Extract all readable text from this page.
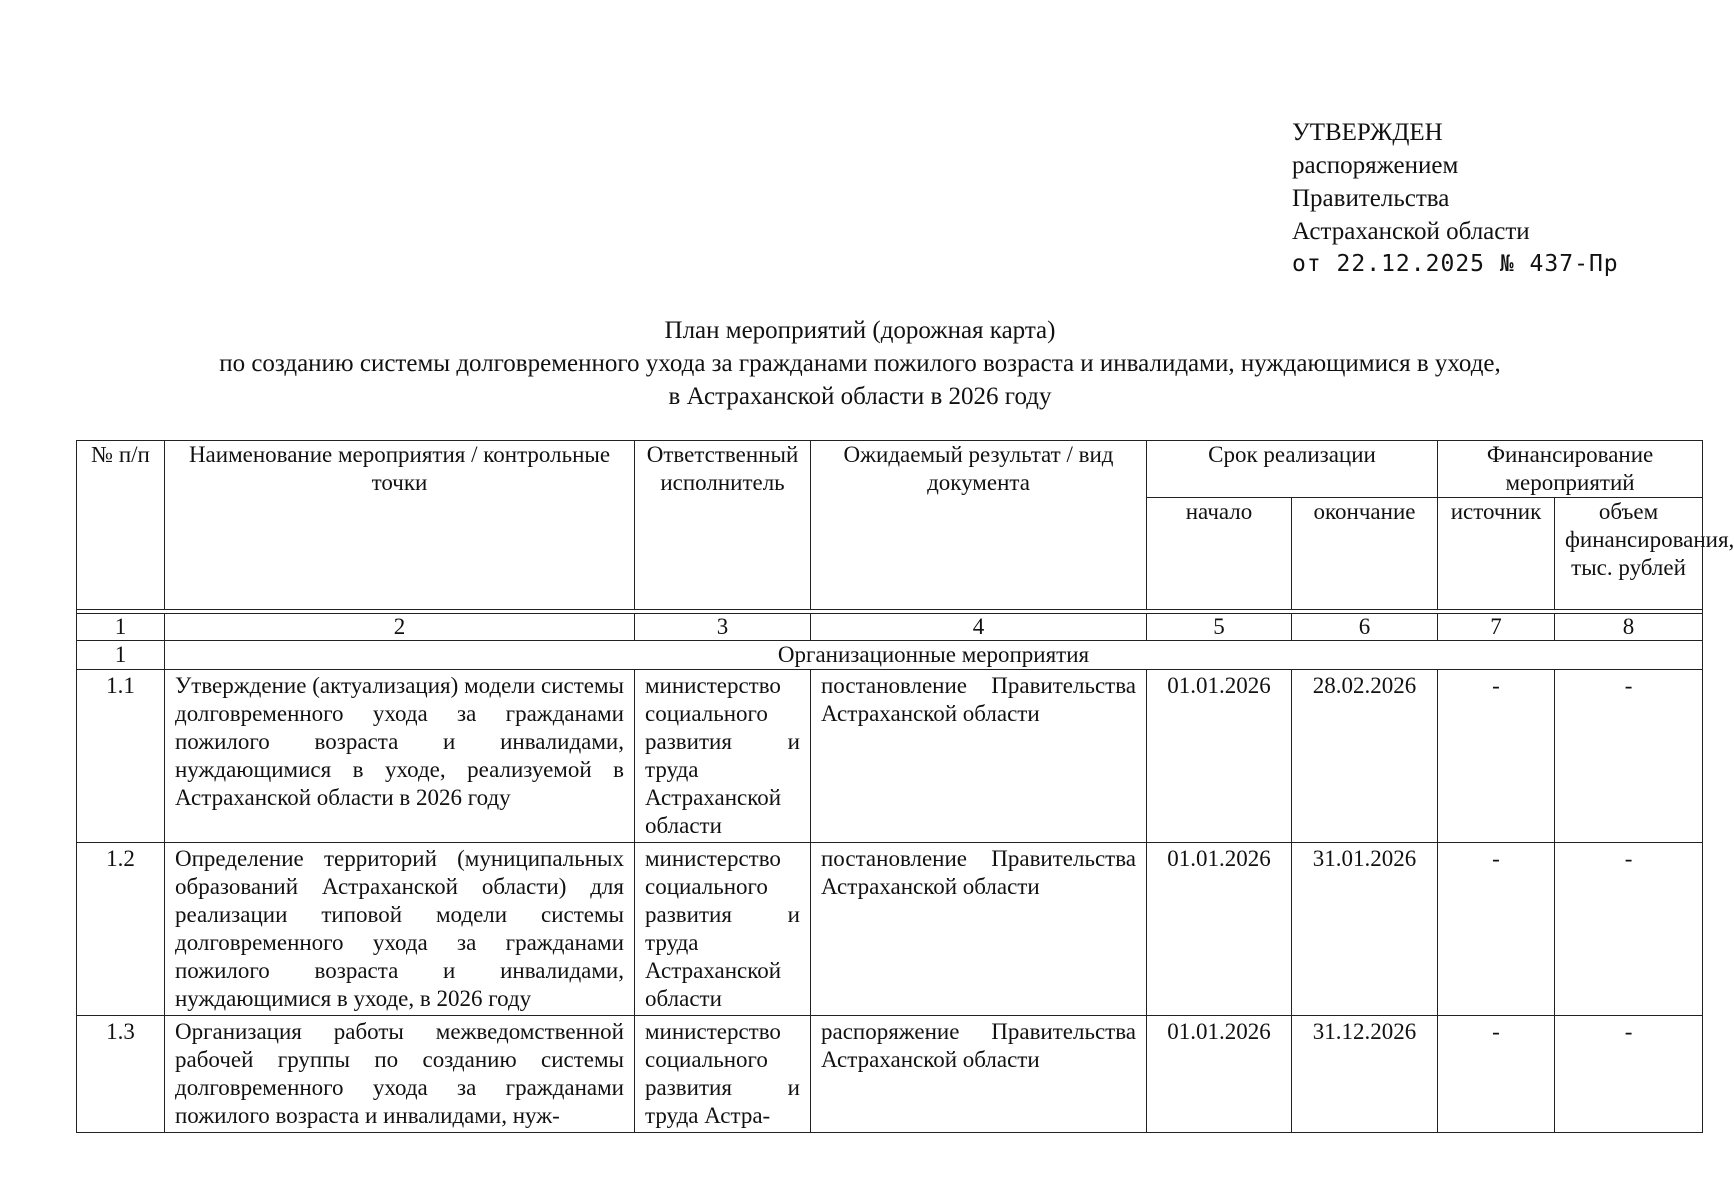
УТВЕРЖДЕН
распоряжением
Правительства
Астраханской области
от 22.12.2025 № 437-Пр
План мероприятий (дорожная карта)
по созданию системы долговременного ухода за гражданами пожилого возраста и инвалидами, нуждающимися в уходе,
в Астраханской области в 2026 году
№ п/п	Наименование мероприятия / контрольные точки	Ответственный исполнитель	Ожидаемый результат / вид документа	Срок реализации		Финансирование мероприятий	
				начало	окончание	источник	объем финансирования, тыс. рублей

1	2	3	4	5	6	7	8
1	Организационные мероприятия						
1.1	Утверждение (актуализация) модели системы долговременного ухода за гражданами пожилого возраста и инвалидами, нуждающимися в уходе, реализуемой в Астраханской области в 2026 году	министерство социального развития и труда Астраханской области	постановление Правительства Астраханской области	01.01.2026	28.02.2026	-	-
1.2	Определение территорий (муниципальных образований Астраханской области) для реализации типовой модели системы долговременного ухода за гражданами пожилого возраста и инвалидами, нуждающимися в уходе, в 2026 году	министерство социального развития и труда Астраханской области	постановление Правительства Астраханской области	01.01.2026	31.01.2026	-	-
1.3	Организация работы межведомственной рабочей группы по созданию системы долговременного ухода за гражданами пожилого возраста и инвалидами, нуж-	министерство социального развития и труда Астра-	распоряжение Правительства Астраханской области	01.01.2026	31.12.2026	-	-
